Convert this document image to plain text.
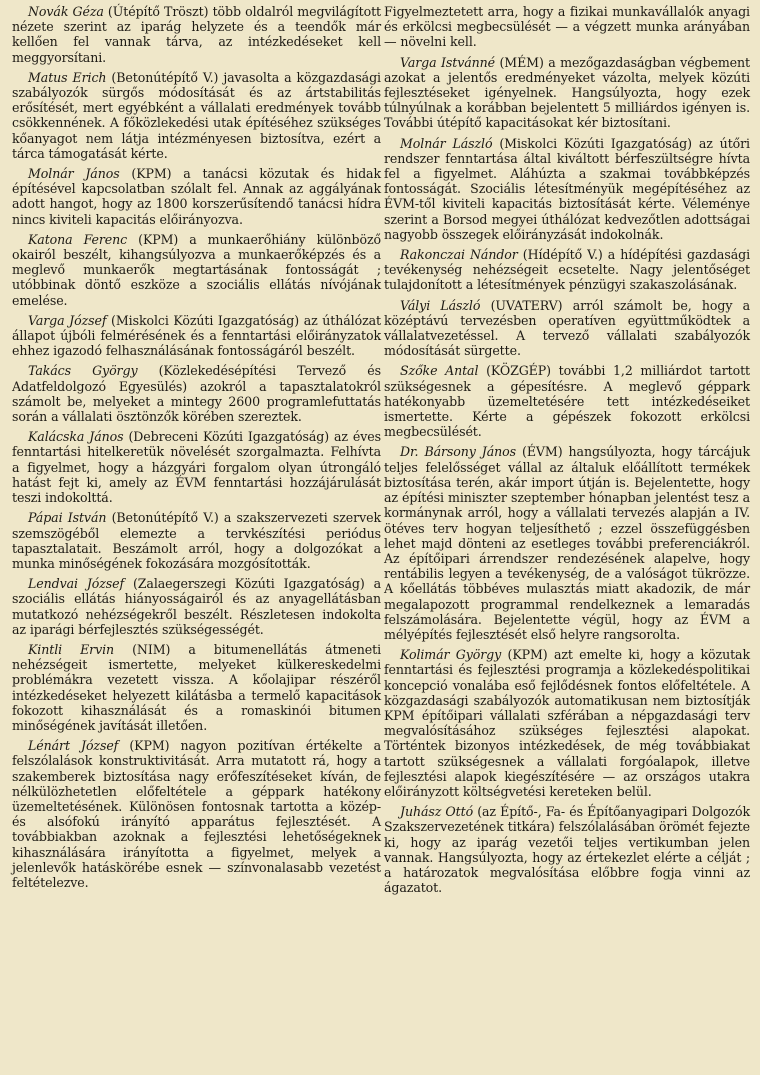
Novák Géza (Útépítő Tröszt) több oldalról megvilágított nézete szerint az iparág helyzete és a teendők már kellően fel vannak tárva, az intézkedéseket kell meggyorsítani.

Matus Erich (Betonútépítő V.) javasolta a közgazdasági szabályozók sürgős módosítását és az ártstabilitás erősítését, mert egyébként a vállalati eredmények tovább csökkennének. A főközlekedési utak építéséhez szükséges kőanyagot nem látja intézményesen biztosítva, ezért a tárca támogatását kérte.

Molnár János (KPM) a tanácsi közutak és hidak építésével kapcsolatban szólalt fel. Annak az aggályának adott hangot, hogy az 1800 korszerűsítendő tanácsi hídra nincs kiviteli kapacitás előirányozva.

Katona Ferenc (KPM) a munkaerőhiány különböző okairól beszélt, kihangsúlyozva a munkaerőképzés és a meglevő munkaerők megtartásának fontosságát ; utóbbinak döntő eszköze a szociális ellátás nívójának emelése.

Varga József (Miskolci Közúti Igazgatóság) az úthálózat állapot újbóli felmérésének és a fenntartási előirányzatok ehhez igazodó felhasználásának fontosságáról beszélt.

Takács György (Közlekedésépítési Tervező és Adatfeldolgozó Egyesülés) azokról a tapasztalatokról számolt be, melyeket a mintegy 2600 programlefuttatás során a vállalati ösztönzők körében szereztek.

Kalácska János (Debreceni Közúti Igazgatóság) az éves fenntartási hitelkeretük növelését szorgalmazta. Felhívta a figyelmet, hogy a házgyári forgalom olyan útrongáló hatást fejt ki, amely az ÉVM fenntartási hozzájárulását teszi indokolttá.

Pápai István (Betonútépítő V.) a szakszervezeti szervek szemszögéből elemezte a tervkészítési periódus tapasztalatait. Beszámolt arról, hogy a dolgozókat a munka minőségének fokozására mozgósították.

Lendvai József (Zalaegerszegi Közúti Igazgatóság) a szociális ellátás hiányosságairól és az anyagellátásban mutatkozó nehézségekről beszélt. Részletesen indokolta az iparági bérfejlesztés szükségességét.

Kintli Ervin (NIM) a bitumenellátás átmeneti nehézségeit ismertette, melyeket külkereskedelmi problémákra vezetett vissza. A kőolajipar részéről intézkedéseket helyezett kilátásba a termelő kapacitások fokozott kihasználását és a romaskinói bitumen minőségének javítását illetően.

Lénárt József (KPM) nagyon pozitívan értékelte a felszólalások konstruktivitását. Arra mutatott rá, hogy a szakemberek biztosítása nagy erőfeszítéseket kíván, de nélkülözhetetlen előfeltétele a géppark hatékony üzemeltetésének. Különösen fontosnak tartotta a közép- és alsófokú irányító apparátus fejlesztését. A továbbiakban azoknak a fejlesztési lehetőségeknek kihasználására irányította a figyelmet, melyek a jelenlevők hatáskörébe esnek — színvonalasabb vezetést feltételezve.

Figyelmeztetett arra, hogy a fizikai munkavállalók anyagi és erkölcsi megbecsülését — a végzett munka arányában — növelni kell.

Varga Istvánné (MÉM) a mezőgazdaságban végbement azokat a jelentős eredményeket vázolta, melyek közúti fejlesztéseket igényelnek. Hangsúlyozta, hogy ezek túlnyúlnak a korábban bejelentett 5 milliárdos igényen is. További útépítő kapacitásokat kér biztosítani.

Molnár László (Miskolci Közúti Igazgatóság) az útőri rendszer fenntartása által kiváltott bérfeszültségre hívta fel a figyelmet. Aláhúzta a szakmai továbbképzés fontosságát. Szociális létesítményük megépítéséhez az ÉVM-től kiviteli kapacitás biztosítását kérte. Véleménye szerint a Borsod megyei úthálózat kedvezőtlen adottságai nagyobb összegek előirányzását indokolnák.

Rakonczai Nándor (Hídépítő V.) a hídépítési gazdasági tevékenység nehézségeit ecsetelte. Nagy jelentőséget tulajdonított a létesítmények pénzügyi szakaszolásának.

Vályi László (UVATERV) arról számolt be, hogy a középtávú tervezésben operatíven együttműködtek a vállalatvezetéssel. A tervező vállalati szabályozók módosítását sürgette.

Szőke Antal (KÖZGÉP) további 1,2 milliárdot tartott szükségesnek a gépesítésre. A meglevő géppark hatékonyabb üzemeltetésére tett intézkedéseiket ismertette. Kérte a gépészek fokozott erkölcsi megbecsülését.

Dr. Bársony János (ÉVM) hangsúlyozta, hogy tárcájuk teljes felelősséget vállal az általuk előállított termékek biztosítása terén, akár import útján is. Bejelentette, hogy az építési miniszter szeptember hónapban jelentést tesz a kormánynak arról, hogy a vállalati tervezés alapján a IV. ötéves terv hogyan teljesíthető ; ezzel összefüggésben lehet majd dönteni az esetleges további preferenciákról. Az építőipari árrendszer rendezésének alapelve, hogy rentábilis legyen a tevékenység, de a valóságot tükrözze. A kőellátás többéves mulasztás miatt akadozik, de már megalapozott programmal rendelkeznek a lemaradás felszámolására. Bejelentette végül, hogy az ÉVM a mélyépítés fejlesztését első helyre rangsorolta.

Kolimár György (KPM) azt emelte ki, hogy a közutak fenntartási és fejlesztési programja a közlekedéspolitikai koncepció vonalába eső fejlődésnek fontos előfeltétele. A közgazdasági szabályozók automatikusan nem biztosítják KPM építőipari vállalati szférában a népgazdasági terv megvalósításához szükséges fejlesztési alapokat. Történtek bizonyos intézkedések, de még továbbiakat tartott szükségesnek a vállalati forgóalapok, illetve fejlesztési alapok kiegészítésére — az országos utakra előirányzott költségvetési kereteken belül.

Juhász Ottó (az Építő-, Fa- és Építőanyagipari Dolgozók Szakszervezetének titkára) felszólalásában örömét fejezte ki, hogy az iparág vezetői teljes vertikumban jelen vannak. Hangsúlyozta, hogy az értekezlet elérte a célját ; a határozatok megvalósítása előbbre fogja vinni az ágazatot.
